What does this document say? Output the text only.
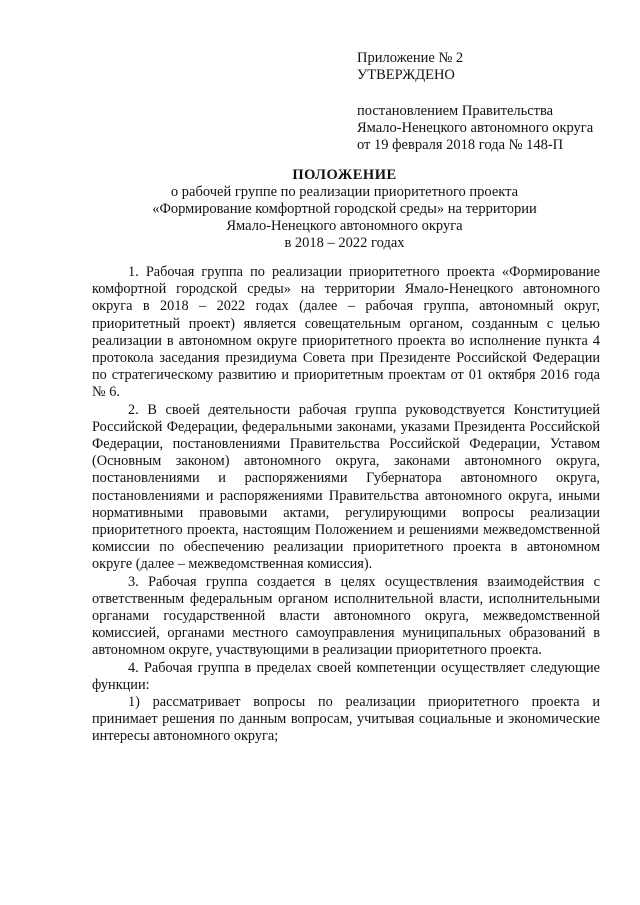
Приложение № 2
УТВЕРЖДЕНО
постановлением Правительства
Ямало-Ненецкого автономного округа
от 19 февраля 2018 года № 148-П
ПОЛОЖЕНИЕ
о рабочей группе по реализации приоритетного проекта
«Формирование комфортной городской среды» на территории
Ямало-Ненецкого автономного округа
в 2018 – 2022 годах

1. Рабочая группа по реализации приоритетного проекта «Формирование комфортной городской среды» на территории Ямало-Ненецкого автономного округа в 2018 – 2022 годах (далее – рабочая группа, автономный округ, приоритетный проект) является совещательным органом, созданным с целью реализации в автономном округе приоритетного проекта во исполнение пункта 4 протокола заседания президиума Совета при Президенте Российской Федерации по стратегическому развитию и приоритетным проектам от 01 октября 2016 года № 6.

2. В своей деятельности рабочая группа руководствуется Конституцией Российской Федерации, федеральными законами, указами Президента Российской Федерации, постановлениями Правительства Российской Федерации, Уставом (Основным законом) автономного округа, законами автономного округа, постановлениями и распоряжениями Губернатора автономного округа, постановлениями и распоряжениями Правительства автономного округа, иными нормативными правовыми актами, регулирующими вопросы реализации приоритетного проекта, настоящим Положением и решениями межведомственной комиссии по обеспечению реализации приоритетного проекта в автономном округе (далее – межведомственная комиссия).

3. Рабочая группа создается в целях осуществления взаимодействия с ответственным федеральным органом исполнительной власти, исполнительными органами государственной власти автономного округа, межведомственной комиссией, органами местного самоуправления муниципальных образований в автономном округе, участвующими в реализации приоритетного проекта.

4. Рабочая группа в пределах своей компетенции осуществляет следующие функции:

1) рассматривает вопросы по реализации приоритетного проекта и принимает решения по данным вопросам, учитывая социальные и экономические интересы автономного округа;
